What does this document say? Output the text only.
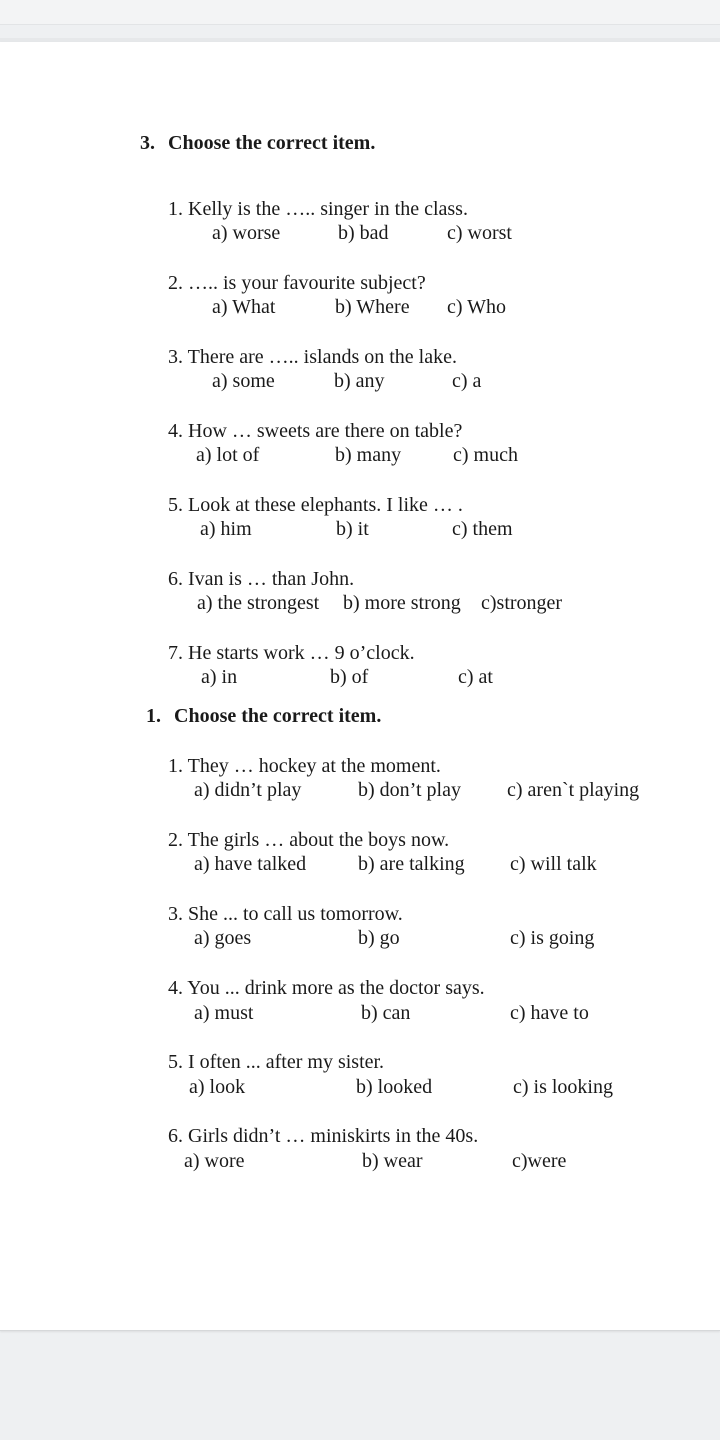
3. Choose the correct item.
1. Kelly is the ….. singer in the class.
a) worse	b) bad	c) worst
2. ….. is your favourite subject?
a) What	b) Where c) Who
3. There are ….. islands on the lake.
a) some	b) any	c) a
4. How … sweets are there on table?
a) lot of	b) many	c) much
5. Look at these elephants. I like … .
a) him	b) it	c) them
6. Ivan is … than John.
a) the strongest b) more strong c)stronger
7. He starts work … 9 o’clock.
a) in	b) of	c) at
1. Choose the correct item.
1. They … hockey at the moment.
a) didn’t play	b) don’t play c) aren`t playing
2. The girls … about the boys now.
a) have talked	b) are talking c) will talk
3. She ... to call us tomorrow.
a) goes	b) go	c) is going
4. You ... drink more as the doctor says.
a) must	b) can	c) have to
5. I often ... after my sister.
a) look	b) looked	c) is looking
6. Girls didn’t … miniskirts in the 40s.
a) wore	b) wear	c)were
